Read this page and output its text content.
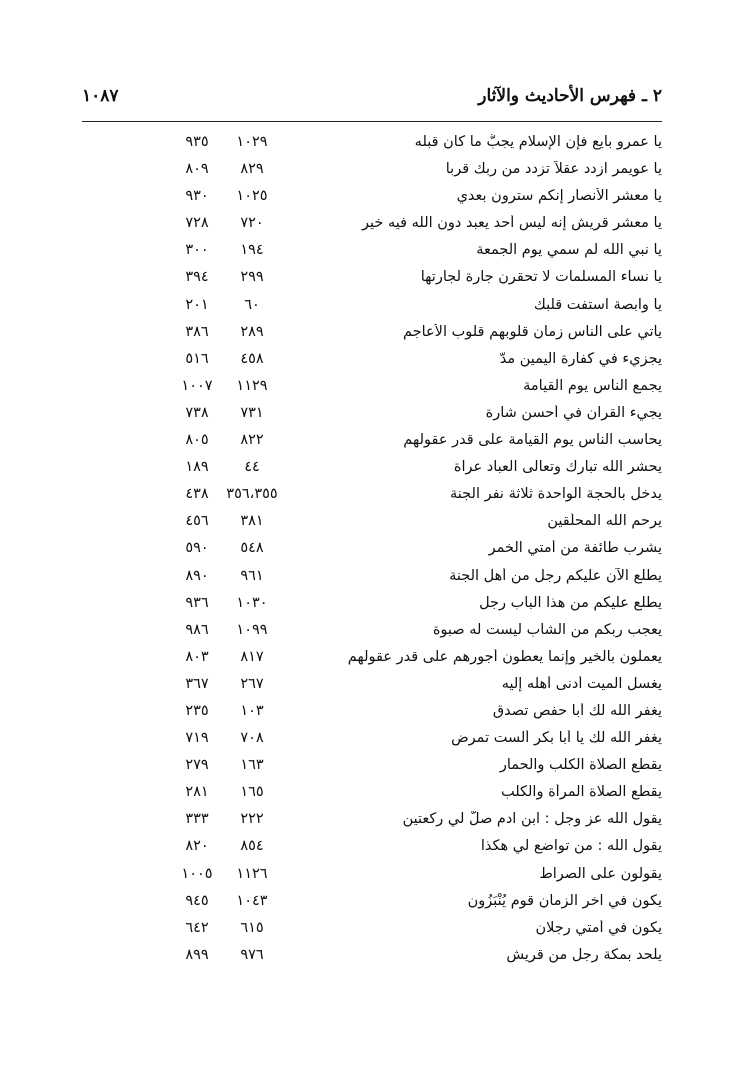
٢ ـ فهرس الأحاديث والآثار
١٠٨٧
يا عمرو بايع فإن الإسلام يجبُّ ما كان قبله
١٠٢٩
٩٣٥
يا عويمر ازدد عقلاً تزدد من ربك قربا
٨٢٩
٨٠٩
يا معشر الأنصار إنكم سترون بعدي
١٠٢٥
٩٣٠
يا معشر قريش إنه ليس أحد يعبد دون الله فيه خير
٧٢٠
٧٢٨
يا نبي الله لم سمي يوم الجمعة
١٩٤
٣٠٠
يا نساء المسلمات لا تحقرن جارة لجارتها
٢٩٩
٣٩٤
يا وابصة استفت قلبك
٦٠
٢٠١
يأتي على الناس زمان قلوبهم قلوب الأعاجم
٢٨٩
٣٨٦
يجزيء في كفارة اليمين مدّ
٤٥٨
٥١٦
يجمع الناس يوم القيامة
١١٢٩
١٠٠٧
يجيء القرآن في أحسن شارة
٧٣١
٧٣٨
يحاسب الناس يوم القيامة على قدر عقولهم
٨٢٢
٨٠٥
يحشر الله تبارك وتعالى العباد عراة
٤٤
١٨٩
يدخل بالحجة الواحدة ثلاثة نفر الجنة
٣٥٦،٣٥٥
٤٣٨
يرحم الله المحلّقين
٣٨١
٤٥٦
يشرب طائفة من أمتي الخمر
٥٤٨
٥٩٠
يطلع الآن عليكم رجل من أهل الجنة
٩٦١
٨٩٠
يطلع عليكم من هذا الباب رجل
١٠٣٠
٩٣٦
يعجب ربكم من الشاب ليست له صبوة
١٠٩٩
٩٨٦
يعملون بالخير وإنما يعطون أجورهم على قدر عقولهم
٨١٧
٨٠٣
يغسل الميت أدنى أهله إليه
٢٦٧
٣٦٧
يغفر الله لك أبا حفص تصدق
١٠٣
٢٣٥
يغفر الله لك يا أبا بكر ألست تمرض
٧٠٨
٧١٩
يقطع الصلاة الكلب والحمار
١٦٣
٢٧٩
يقطع الصلاة المرأة والكلب
١٦٥
٢٨١
يقول الله عز وجل : ابن آدم صلّ لي ركعتين
٢٢٢
٣٣٣
يقول الله : من تواضع لي هكذا
٨٥٤
٨٢٠
يقولون على الصراط
١١٢٦
١٠٠٥
يكون في آخر الزمان قوم يُنْبَزُون
١٠٤٣
٩٤٥
يكون في أمتي رجلان
٦١٥
٦٤٢
يلحد بمكة رجل من قريش
٩٧٦
٨٩٩
